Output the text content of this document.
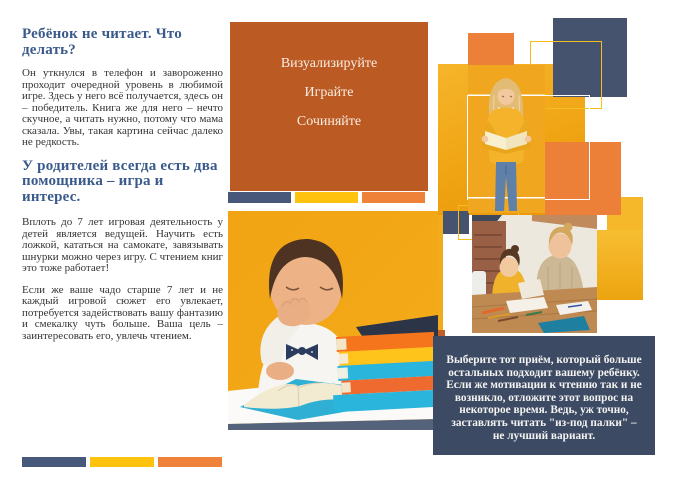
Ребёнок не читает. Что делать?

Он уткнулся в телефон и завороженно проходит очередной уровень в любимой игре. Здесь у него всё получается, здесь он – победитель. Книга же для него – нечто скучное, а читать нужно, потому что мама сказала. Увы, такая картина сейчас далеко не редкость.

У родителей всегда есть два помощника – игра и интерес.

Вплоть до 7 лет игровая деятельность у детей является ведущей. Научить есть ложкой, кататься на самокате, завязывать шнурки можно через игру. С чтением книг это тоже работает!

Если же ваше чадо старше 7 лет и не каждый игровой сюжет его увлекает, потребуется задействовать вашу фантазию и смекалку чуть больше. Ваша цель – заинтересовать его, увлечь чтением.

Визуализируйте

Играйте

Сочиняйте

Выберите тот приём, который больше остальных подходит вашему ребёнку. Если же мотивации к чтению так и не возникло, отложите этот вопрос на некоторое время. Ведь, уж точно, заставлять читать "из-под палки" – не лучший вариант.
